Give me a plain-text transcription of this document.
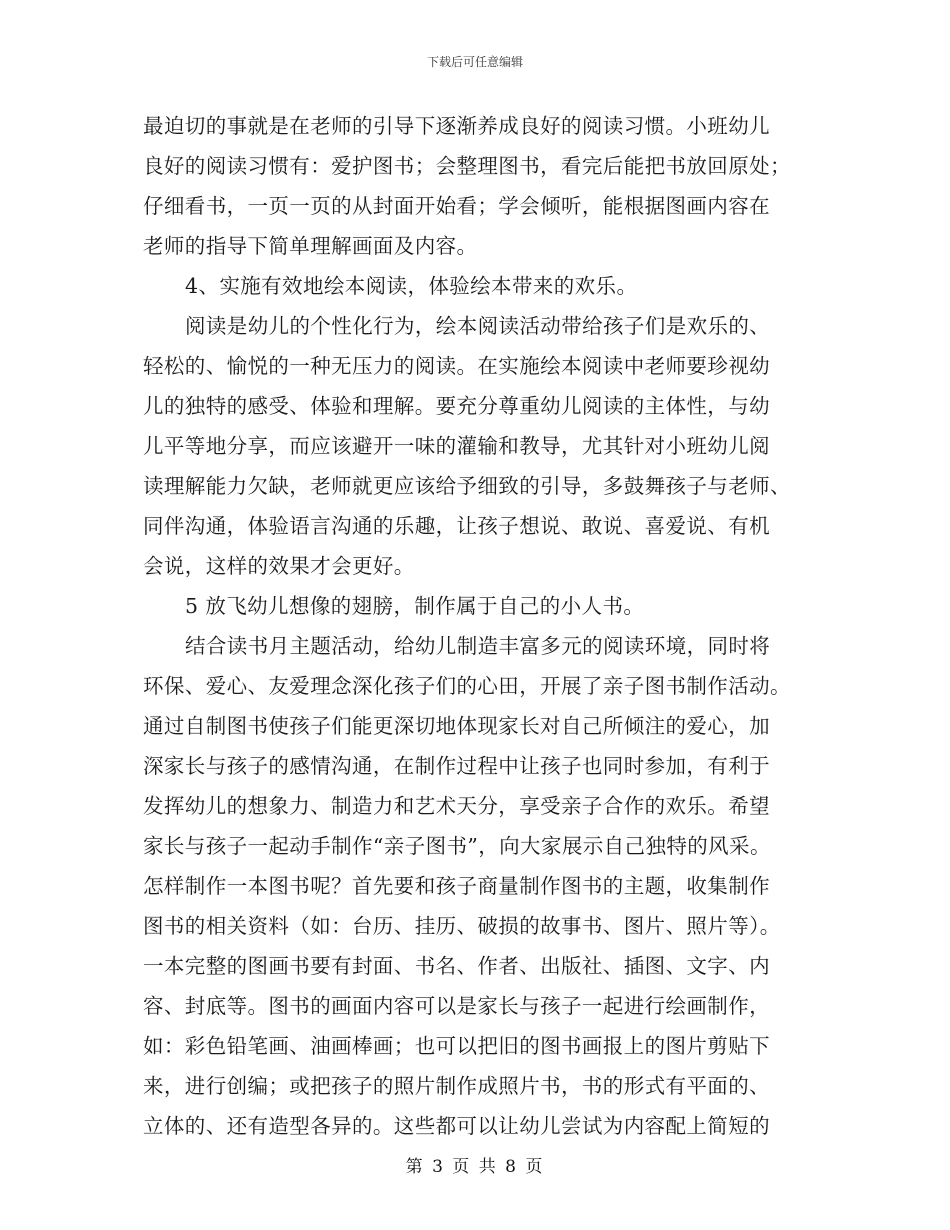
下载后可任意编辑
最迫切的事就是在老师的引导下逐渐养成良好的阅读习惯。小班幼儿
良好的阅读习惯有：爱护图书；会整理图书，看完后能把书放回原处；
仔细看书，一页一页的从封面开始看；学会倾听，能根据图画内容在
老师的指导下简单理解画面及内容。
4、实施有效地绘本阅读，体验绘本带来的欢乐。
阅读是幼儿的个性化行为，绘本阅读活动带给孩子们是欢乐的、
轻松的、愉悦的一种无压力的阅读。在实施绘本阅读中老师要珍视幼
儿的独特的感受、体验和理解。要充分尊重幼儿阅读的主体性，与幼
儿平等地分享，而应该避开一味的灌输和教导，尤其针对小班幼儿阅
读理解能力欠缺，老师就更应该给予细致的引导，多鼓舞孩子与老师、
同伴沟通，体验语言沟通的乐趣，让孩子想说、敢说、喜爱说、有机
会说，这样的效果才会更好。
5 放飞幼儿想像的翅膀，制作属于自己的小人书。
结合读书月主题活动，给幼儿制造丰富多元的阅读环境，同时将
环保、爱心、友爱理念深化孩子们的心田，开展了亲子图书制作活动。
通过自制图书使孩子们能更深切地体现家长对自己所倾注的爱心，加
深家长与孩子的感情沟通，在制作过程中让孩子也同时参加，有利于
发挥幼儿的想象力、制造力和艺术天分，享受亲子合作的欢乐。希望
家长与孩子一起动手制作“亲子图书”，向大家展示自己独特的风采。
怎样制作一本图书呢？首先要和孩子商量制作图书的主题，收集制作
图书的相关资料（如：台历、挂历、破损的故事书、图片、照片等）。
一本完整的图画书要有封面、书名、作者、出版社、插图、文字、内
容、封底等。图书的画面内容可以是家长与孩子一起进行绘画制作，
如：彩色铅笔画、油画棒画；也可以把旧的图书画报上的图片剪贴下
来，进行创编；或把孩子的照片制作成照片书，书的形式有平面的、
立体的、还有造型各异的。这些都可以让幼儿尝试为内容配上简短的
第 3 页 共 8 页
